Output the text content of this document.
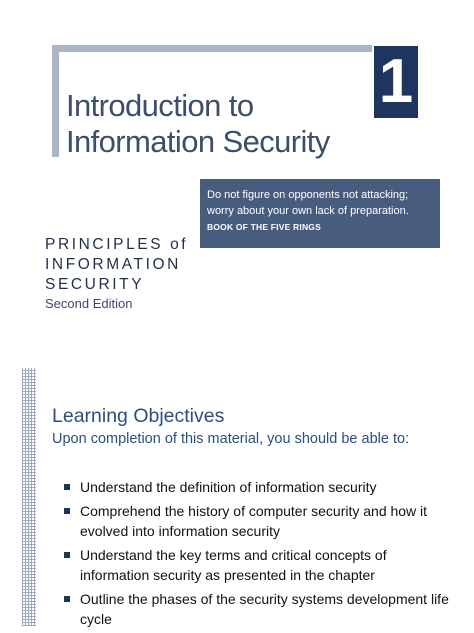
Introduction to
Information Security
1
Do not figure on opponents not attacking;
worry about your own lack of preparation.
BOOK OF THE FIVE RINGS
PRINCIPLES of
INFORMATION
SECURITY
Second Edition
Learning Objectives
Upon completion of this material, you should be able to:
Understand the definition of information security
Comprehend the history of computer security and how it evolved into information security
Understand the key terms and critical concepts of information security as presented in the chapter
Outline the phases of the security systems development life cycle
